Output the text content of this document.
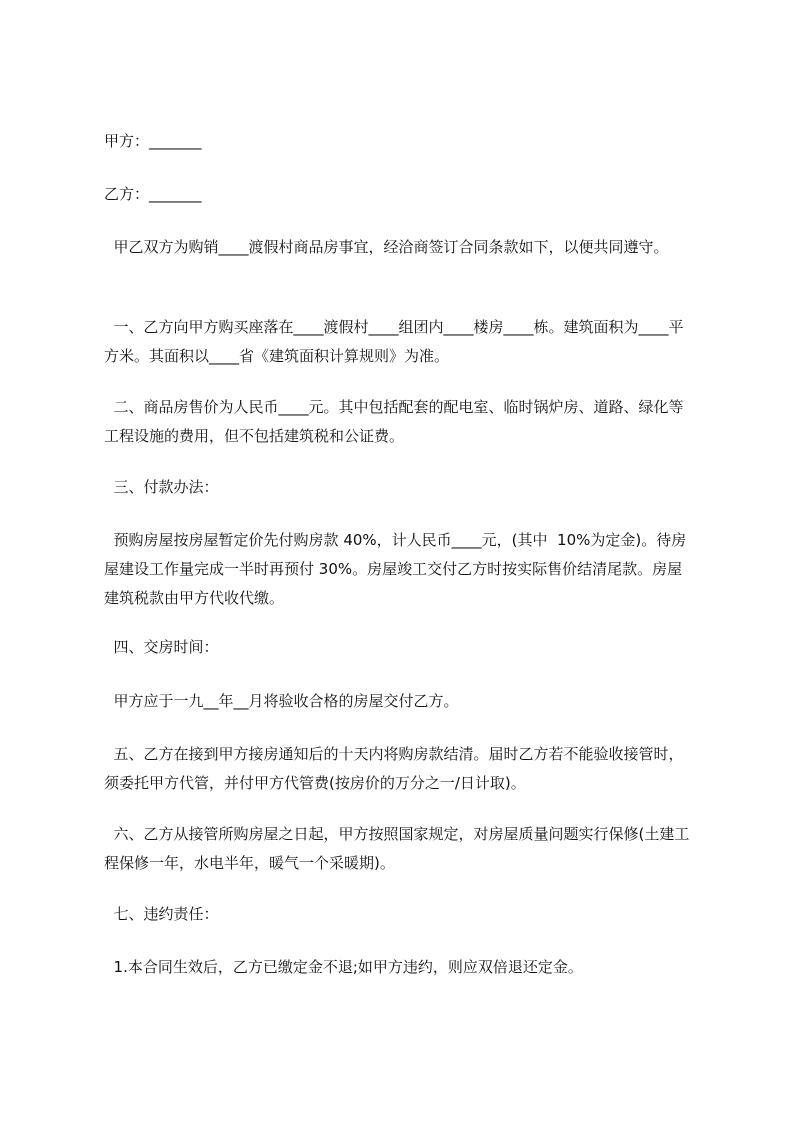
甲方：_______

乙方：_______

甲乙双方为购销____渡假村商品房事宜，经洽商签订合同条款如下，以便共同遵守。

一、乙方向甲方购买座落在____渡假村____组团内____楼房____栋。建筑面积为____平方米。其面积以____省《建筑面积计算规则》为准。

二、商品房售价为人民币____元。其中包括配套的配电室、临时锅炉房、道路、绿化等工程设施的费用，但不包括建筑税和公证费。

三、付款办法：

预购房屋按房屋暂定价先付购房款 40%，计人民币____元，(其中  10%为定金)。待房屋建设工作量完成一半时再预付 30%。房屋竣工交付乙方时按实际售价结清尾款。房屋建筑税款由甲方代收代缴。

四、交房时间：

甲方应于一九__年__月将验收合格的房屋交付乙方。

五、乙方在接到甲方接房通知后的十天内将购房款结清。届时乙方若不能验收接管时，须委托甲方代管，并付甲方代管费(按房价的万分之一/日计取)。

六、乙方从接管所购房屋之日起，甲方按照国家规定，对房屋质量问题实行保修(土建工程保修一年，水电半年，暖气一个采暖期)。

七、违约责任：

1.本合同生效后，乙方已缴定金不退;如甲方违约，则应双倍退还定金。
